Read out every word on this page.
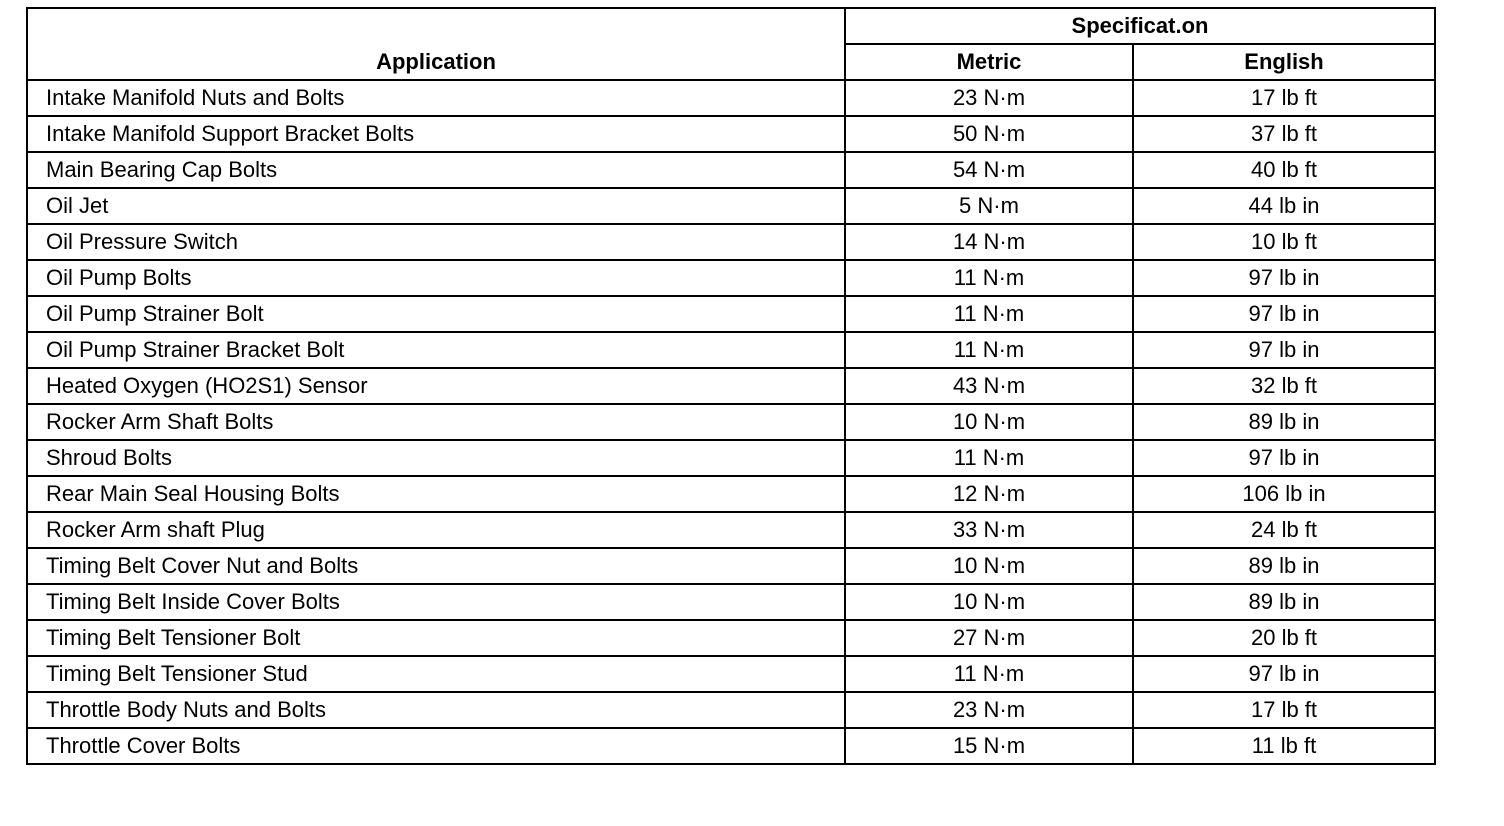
Application	Specificat.on	
	Metric	English
Intake Manifold Nuts and Bolts	23 N·m	17 lb ft
Intake Manifold Support Bracket Bolts	50 N·m	37 lb ft
Main Bearing Cap Bolts	54 N·m	40 lb ft
Oil Jet	5 N·m	44 lb in
Oil Pressure Switch	14 N·m	10 lb ft
Oil Pump Bolts	11 N·m	97 lb in
Oil Pump Strainer Bolt	11 N·m	97 lb in
Oil Pump Strainer Bracket Bolt	11 N·m	97 lb in
Heated Oxygen (HO2S1) Sensor	43 N·m	32 lb ft
Rocker Arm Shaft Bolts	10 N·m	89 lb in
Shroud Bolts	11 N·m	97 lb in
Rear Main Seal Housing Bolts	12 N·m	106 lb in
Rocker Arm shaft Plug	33 N·m	24 lb ft
Timing Belt Cover Nut and Bolts	10 N·m	89 lb in
Timing Belt Inside Cover Bolts	10 N·m	89 lb in
Timing Belt Tensioner Bolt	27 N·m	20 lb ft
Timing Belt Tensioner Stud	11 N·m	97 lb in
Throttle Body Nuts and Bolts	23 N·m	17 lb ft
Throttle Cover Bolts	15 N·m	11 lb ft
